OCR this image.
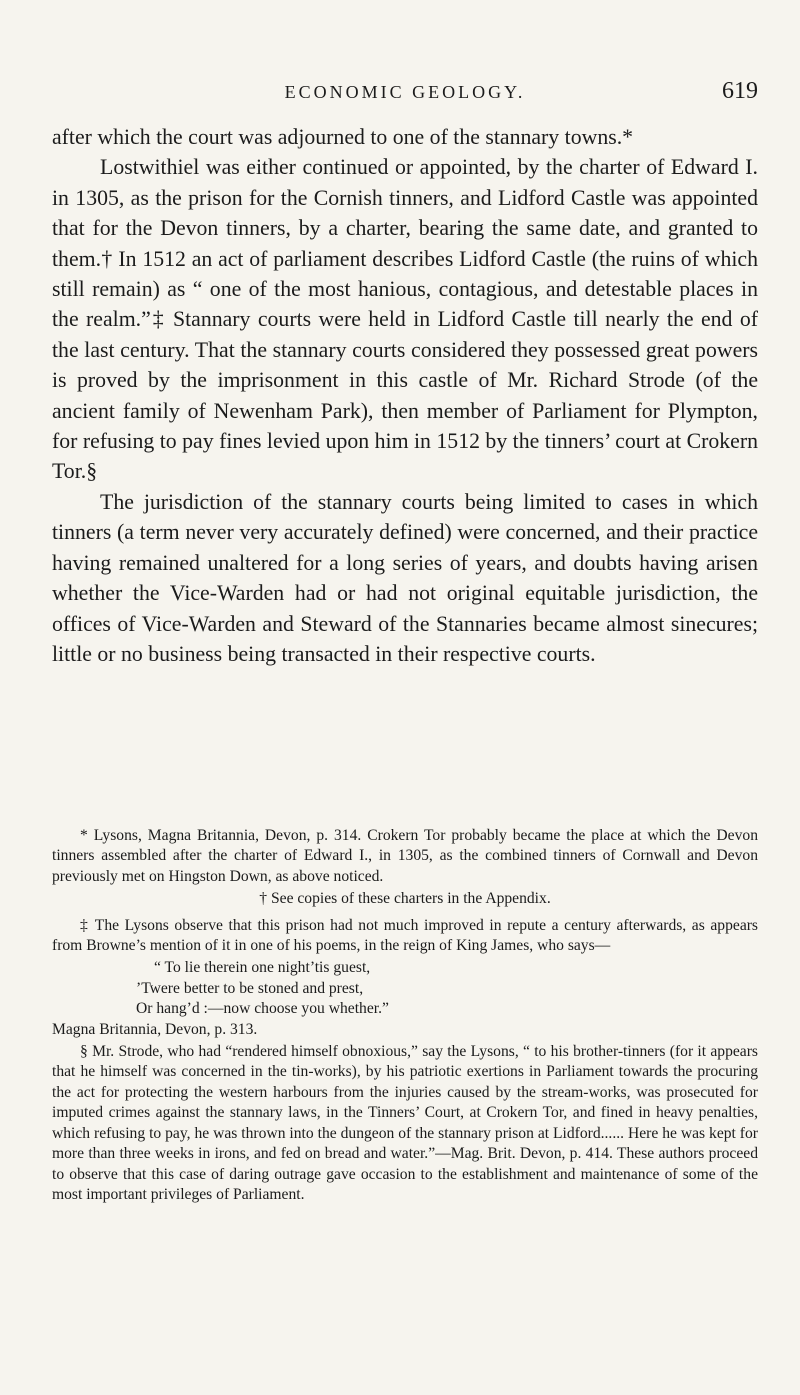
ECONOMIC GEOLOGY.	619

after which the court was adjourned to one of the stannary towns.*

Lostwithiel was either continued or appointed, by the charter of Edward I. in 1305, as the prison for the Cornish tinners, and Lidford Castle was appointed that for the Devon tinners, by a charter, bearing the same date, and granted to them.† In 1512 an act of parliament describes Lidford Castle (the ruins of which still remain) as “ one of the most hanious, contagious, and detestable places in the realm.”‡ Stannary courts were held in Lidford Castle till nearly the end of the last century. That the stannary courts considered they possessed great powers is proved by the imprisonment in this castle of Mr. Richard Strode (of the ancient family of Newenham Park), then member of Parliament for Plympton, for refusing to pay fines levied upon him in 1512 by the tinners’ court at Crokern Tor.§

The jurisdiction of the stannary courts being limited to cases in which tinners (a term never very accurately defined) were concerned, and their practice having remained unaltered for a long series of years, and doubts having arisen whether the Vice-Warden had or had not original equitable jurisdiction, the offices of Vice-Warden and Steward of the Stannaries became almost sinecures; little or no business being transacted in their respective courts.

* Lysons, Magna Britannia, Devon, p. 314. Crokern Tor probably became the place at which the Devon tinners assembled after the charter of Edward I., in 1305, as the combined tinners of Cornwall and Devon previously met on Hingston Down, as above noticed.

† See copies of these charters in the Appendix.

‡ The Lysons observe that this prison had not much improved in repute a century afterwards, as appears from Browne’s mention of it in one of his poems, in the reign of King James, who says—

“ To lie therein one night’tis guest,
’Twere better to be stoned and prest,
Or hang’d :—now choose you whether.”

Magna Britannia, Devon, p. 313.

§ Mr. Strode, who had “rendered himself obnoxious,” say the Lysons, “ to his brother-tinners (for it appears that he himself was concerned in the tin-works), by his patriotic exertions in Parliament towards the procuring the act for protecting the western harbours from the injuries caused by the stream-works, was prosecuted for imputed crimes against the stannary laws, in the Tinners’ Court, at Crokern Tor, and fined in heavy penalties, which refusing to pay, he was thrown into the dungeon of the stannary prison at Lidford...... Here he was kept for more than three weeks in irons, and fed on bread and water.”—Mag. Brit. Devon, p. 414. These authors proceed to observe that this case of daring outrage gave occasion to the establishment and maintenance of some of the most important privileges of Parliament.
